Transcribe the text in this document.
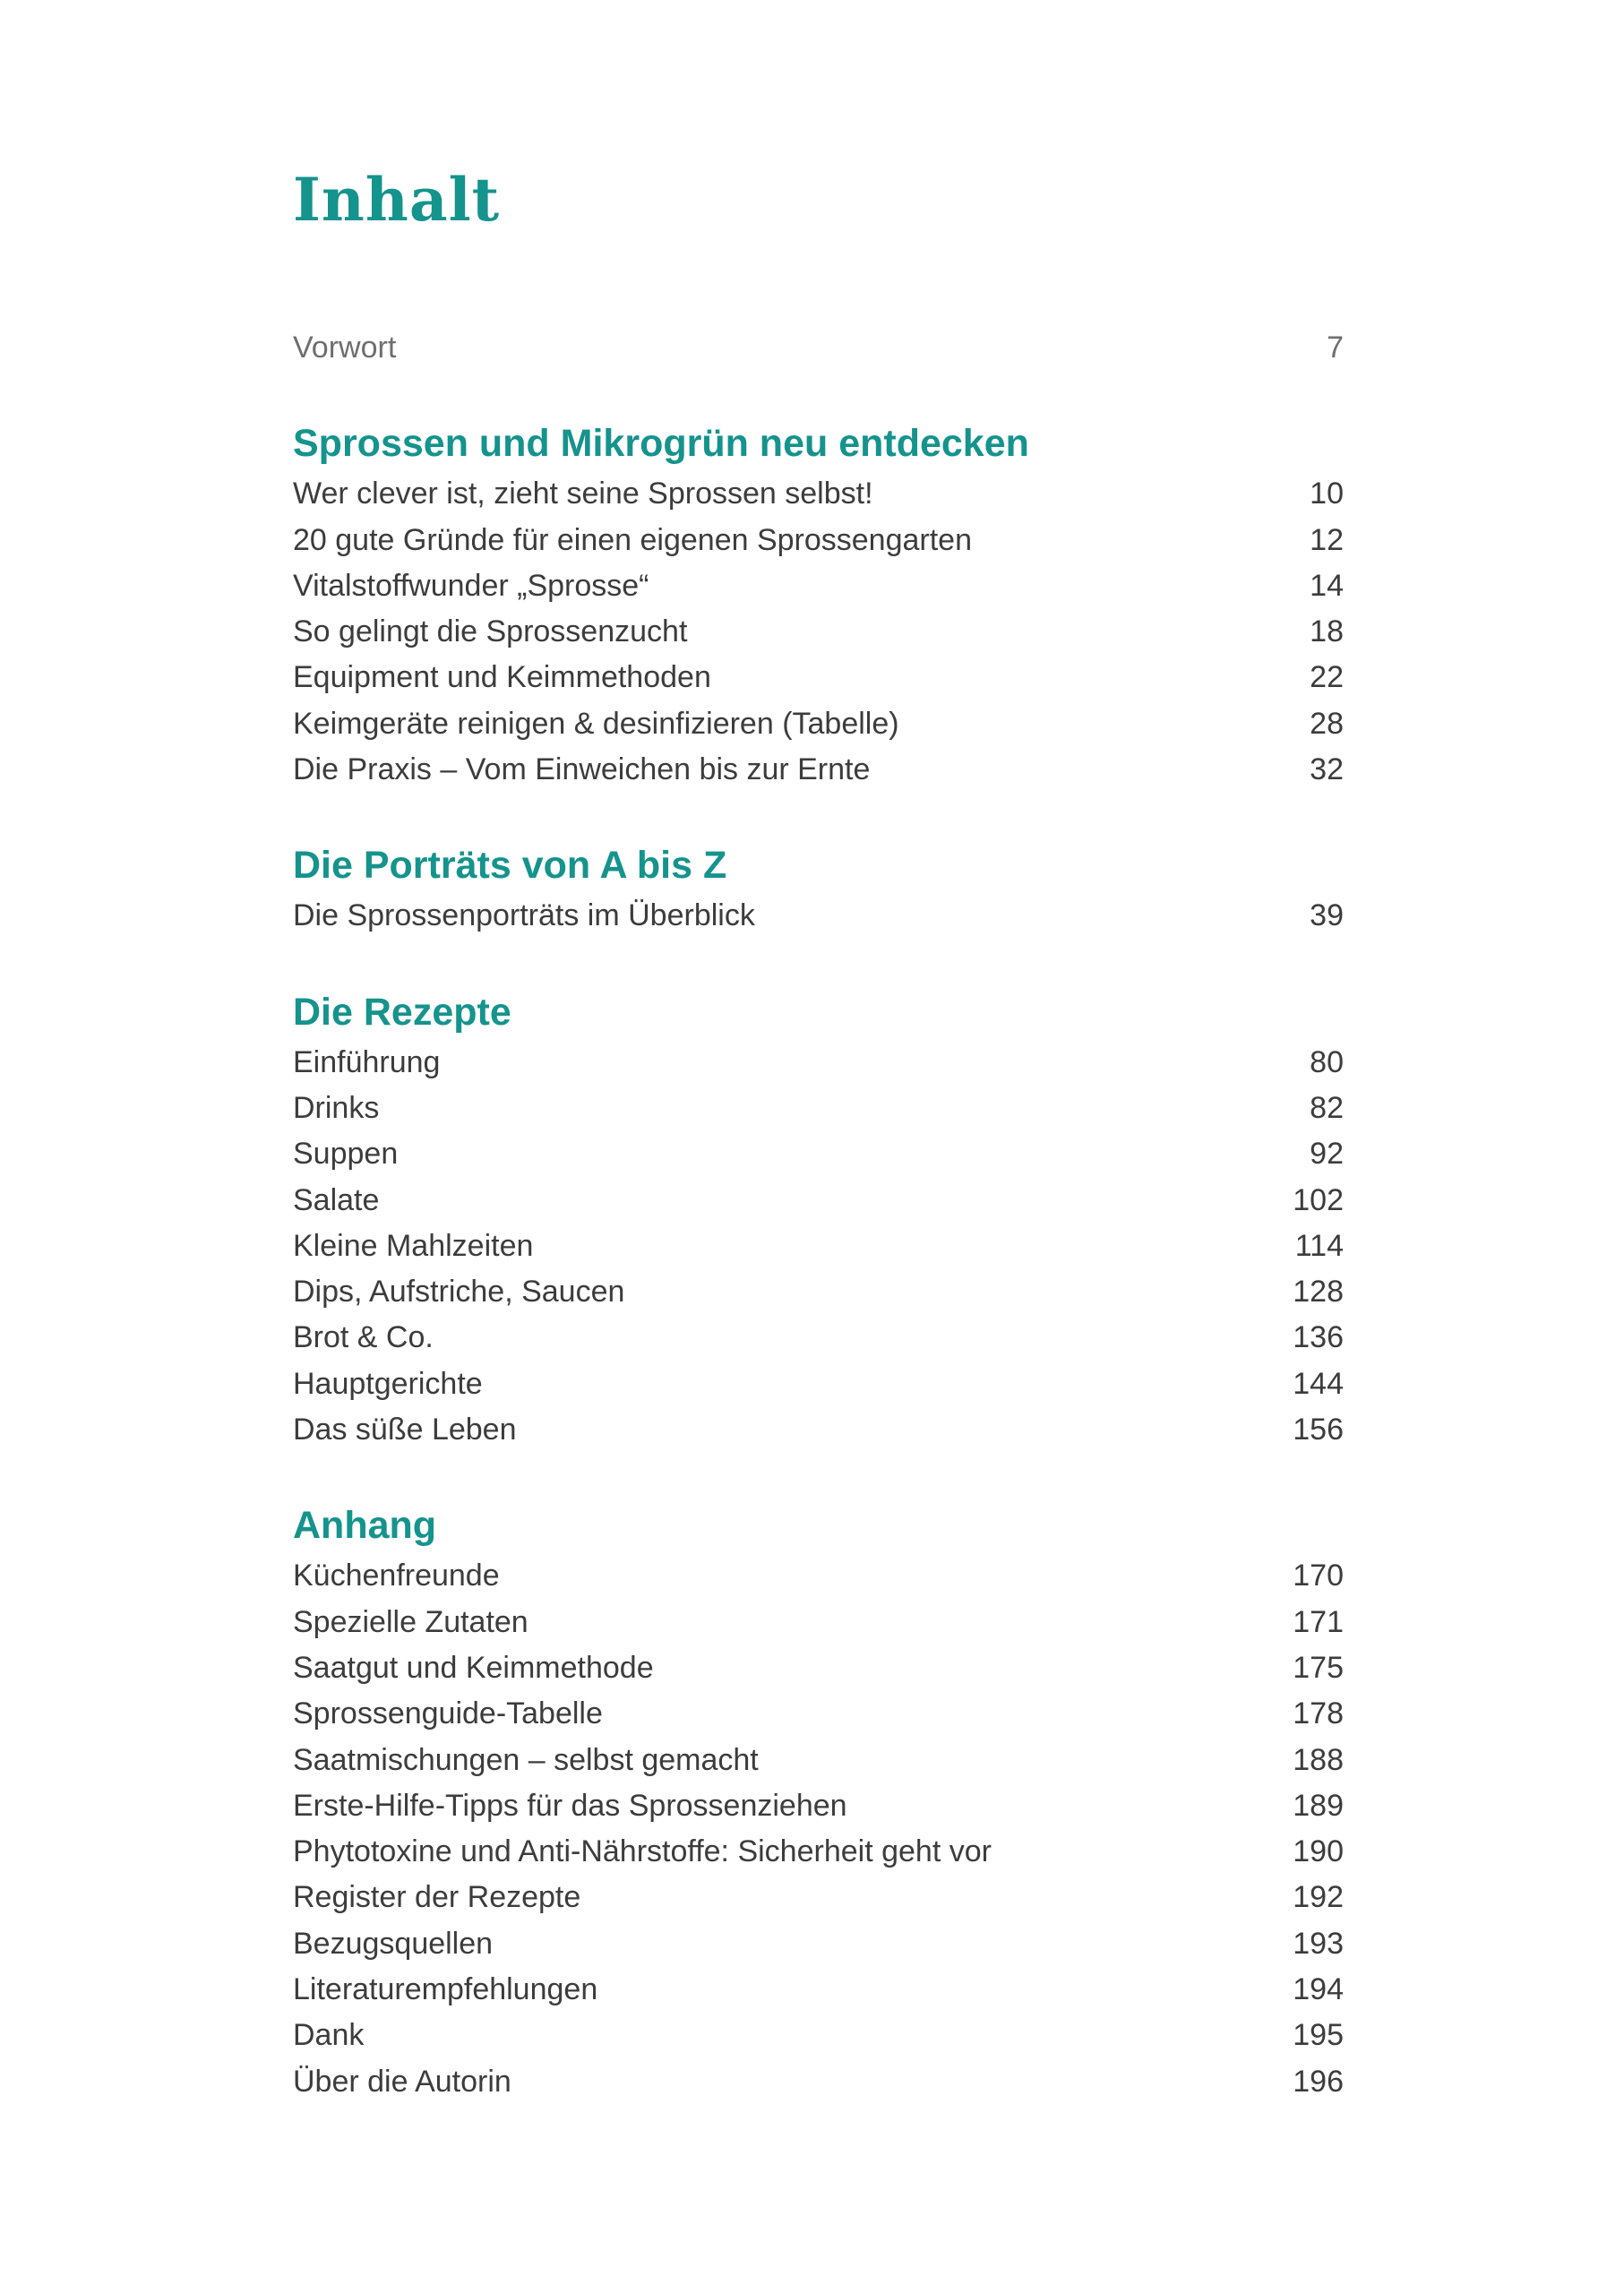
Inhalt
Vorwort	7
Sprossen und Mikrogrün neu entdecken
Wer clever ist, zieht seine Sprossen selbst!	10
20 gute Gründe für einen eigenen Sprossengarten	12
Vitalstoffwunder „Sprosse“	14
So gelingt die Sprossenzucht	18
Equipment und Keimmethoden	22
Keimgeräte reinigen & desinfizieren (Tabelle)	28
Die Praxis – Vom Einweichen bis zur Ernte	32
Die Porträts von A bis Z
Die Sprossenporträts im Überblick	39
Die Rezepte
Einführung	80
Drinks	82
Suppen	92
Salate	102
Kleine Mahlzeiten	114
Dips, Aufstriche, Saucen	128
Brot & Co.	136
Hauptgerichte	144
Das süße Leben	156
Anhang
Küchenfreunde	170
Spezielle Zutaten	171
Saatgut und Keimmethode	175
Sprossenguide-Tabelle	178
Saatmischungen – selbst gemacht	188
Erste-Hilfe-Tipps für das Sprossenziehen	189
Phytotoxine und Anti-Nährstoffe: Sicherheit geht vor	190
Register der Rezepte	192
Bezugsquellen	193
Literaturempfehlungen	194
Dank	195
Über die Autorin	196
